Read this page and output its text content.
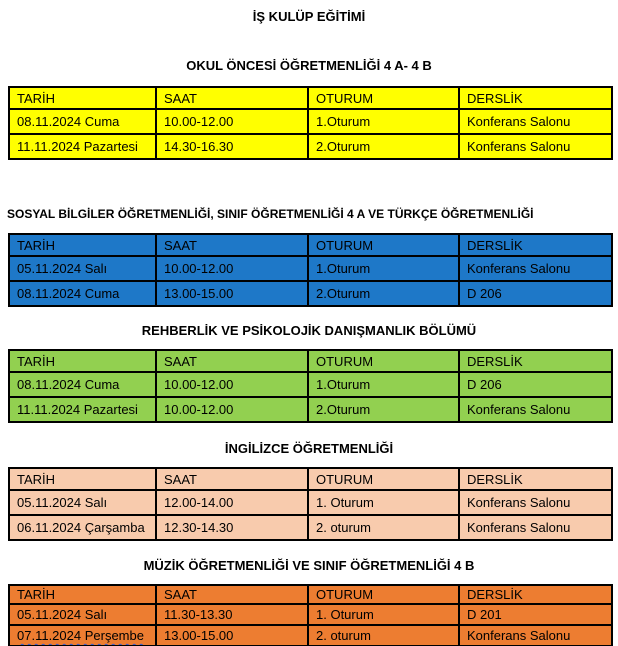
İŞ KULÜP EĞİTİMİ
OKUL ÖNCESİ ÖĞRETMENLİĞİ 4 A- 4 B
TARİH	SAAT	OTURUM	DERSLİK
08.11.2024 Cuma	10.00-12.00	1.Oturum	Konferans Salonu
11.11.2024 Pazartesi	14.30-16.30	2.Oturum	Konferans Salonu
SOSYAL BİLGİLER ÖĞRETMENLİĞİ, SINIF ÖĞRETMENLİĞİ 4 A VE TÜRKÇE ÖĞRETMENLİĞİ
TARİH	SAAT	OTURUM	DERSLİK
05.11.2024 Salı	10.00-12.00	1.Oturum	Konferans Salonu
08.11.2024 Cuma	13.00-15.00	2.Oturum	D 206
REHBERLİK VE PSİKOLOJİK DANIŞMANLIK BÖLÜMÜ
TARİH	SAAT	OTURUM	DERSLİK
08.11.2024 Cuma	10.00-12.00	1.Oturum	D 206
11.11.2024 Pazartesi	10.00-12.00	2.Oturum	Konferans Salonu
İNGİLİZCE ÖĞRETMENLİĞİ
TARİH	SAAT	OTURUM	DERSLİK
05.11.2024 Salı	12.00-14.00	1. Oturum	Konferans Salonu
06.11.2024 Çarşamba	12.30-14.30	2. oturum	Konferans Salonu
MÜZİK ÖĞRETMENLİĞİ VE SINIF ÖĞRETMENLİĞİ 4 B
TARİH	SAAT	OTURUM	DERSLİK
05.11.2024 Salı	11.30-13.30	1. Oturum	D 201
07.11.2024 Perşembe	13.00-15.00	2. oturum	Konferans Salonu
